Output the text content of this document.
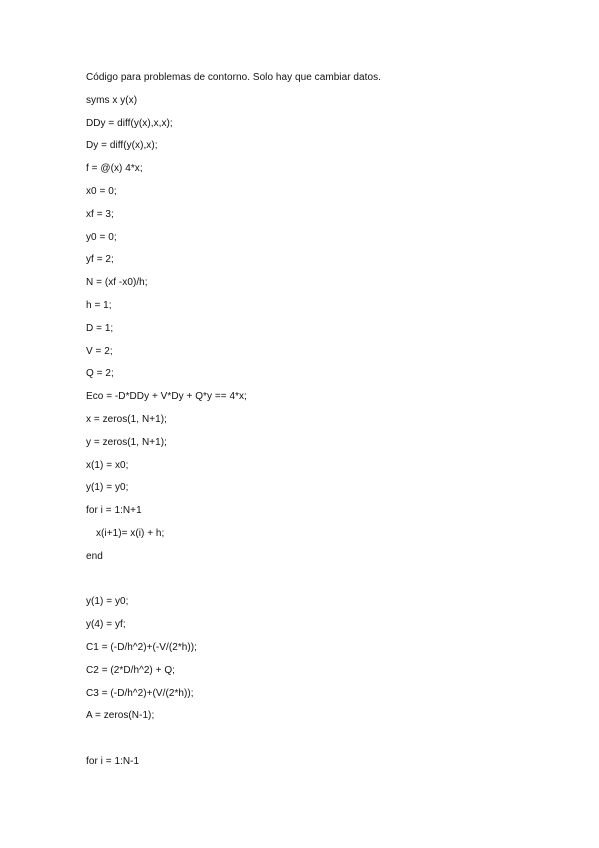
Código para problemas de contorno. Solo hay que cambiar datos.
syms x y(x)
DDy = diff(y(x),x,x);
Dy = diff(y(x),x);
f = @(x) 4*x;
x0 = 0;
xf = 3;
y0 = 0;
yf = 2;
N = (xf -x0)/h;
h = 1;
D = 1;
V = 2;
Q = 2;
Eco = -D*DDy + V*Dy + Q*y == 4*x;
x = zeros(1, N+1);
y = zeros(1, N+1);
x(1) = x0;
y(1) = y0;
for i = 1:N+1
x(i+1)= x(i) + h;
end
y(1) = y0;
y(4) = yf;
C1 = (-D/h^2)+(-V/(2*h));
C2 = (2*D/h^2) + Q;
C3 = (-D/h^2)+(V/(2*h));
A = zeros(N-1);
for i = 1:N-1
